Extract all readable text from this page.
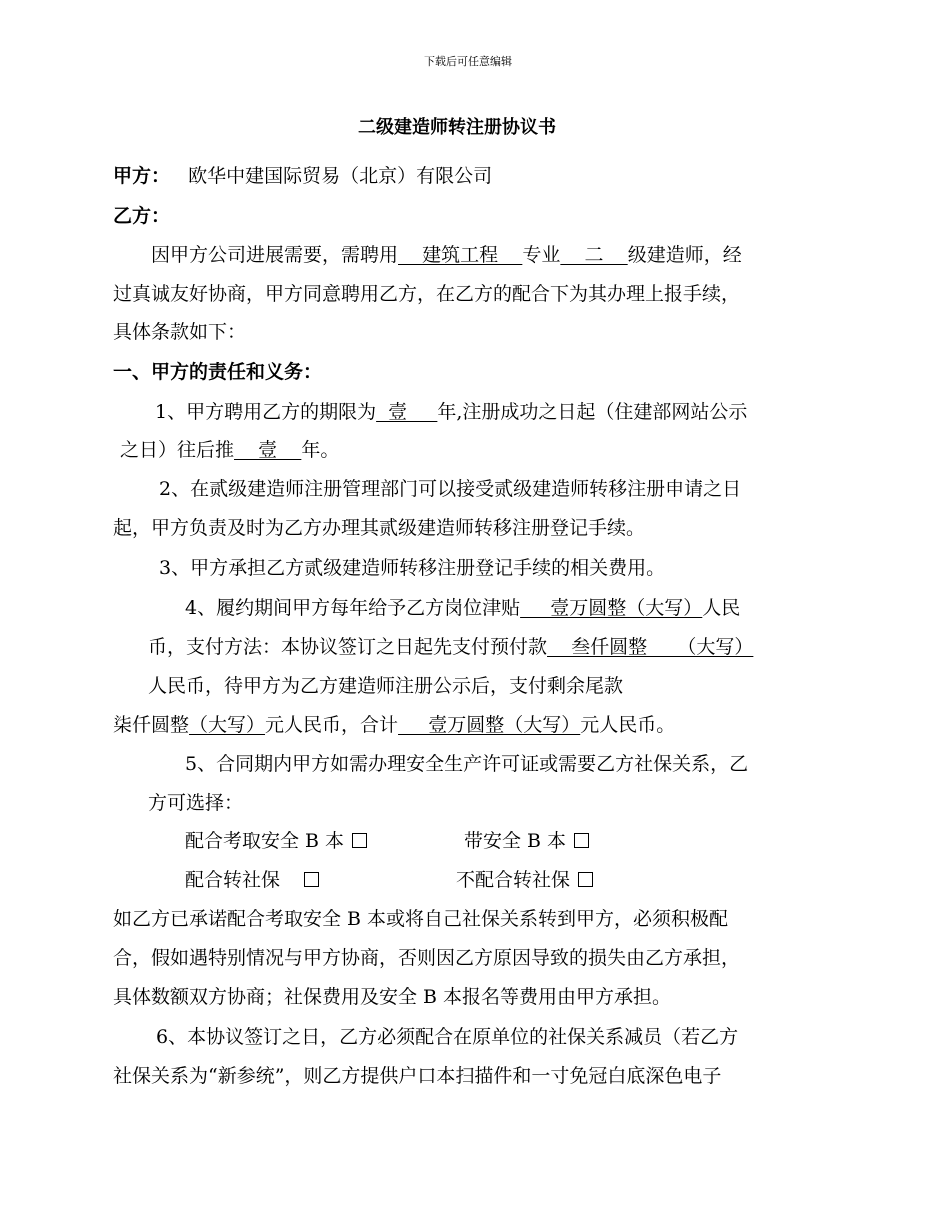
下载后可任意编辑
二级建造师转注册协议书
甲方： 欧华中建国际贸易（北京）有限公司
乙方：
因甲方公司进展需要，需聘用    建筑工程    专业    二    级建造师，经
过真诚友好协商，甲方同意聘用乙方，在乙方的配合下为其办理上报手续，
具体条款如下：
一、甲方的责任和义务：
1、甲方聘用乙方的期限为  壹     年,注册成功之日起（住建部网站公示
之日）往后推    壹    年。
2、在贰级建造师注册管理部门可以接受贰级建造师转移注册申请之日
起，甲方负责及时为乙方办理其贰级建造师转移注册登记手续。
3、甲方承担乙方贰级建造师转移注册登记手续的相关费用。
4、履约期间甲方每年给予乙方岗位津贴     壹万圆整（大写）人民
币，支付方法：本协议签订之日起先支付预付款    叁仟圆整     （大写）
人民币，待甲方为乙方建造师注册公示后，支付剩余尾款
柒仟圆整（大写）元人民币，合计     壹万圆整（大写）元人民币。
5、合同期内甲方如需办理安全生产许可证或需要乙方社保关系，乙
方可选择：
配合考取安全 B 本	带安全 B 本
配合转社保	不配合转社保
如乙方已承诺配合考取安全 B 本或将自己社保关系转到甲方，必须积极配
合，假如遇特别情况与甲方协商，否则因乙方原因导致的损失由乙方承担，
具体数额双方协商；社保费用及安全 B 本报名等费用由甲方承担。
6、本协议签订之日，乙方必须配合在原单位的社保关系减员（若乙方
社保关系为“新参统”，则乙方提供户口本扫描件和一寸免冠白底深色电子
